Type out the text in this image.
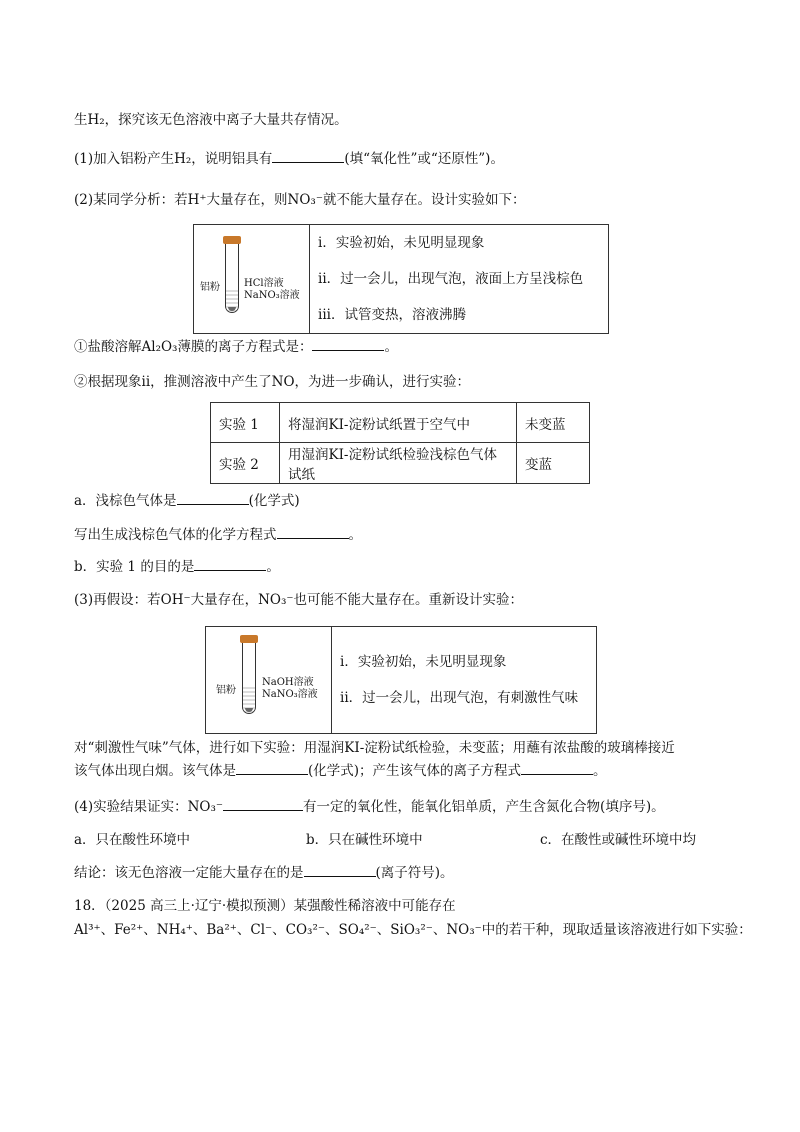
生H₂，探究该无色溶液中离子大量共存情况。
(1)加入铝粉产生H₂，说明铝具有	(填“氧化性”或“还原性”)。
(2)某同学分析：若H⁺大量存在，则NO₃⁻就不能大量存在。设计实验如下：
铝粉 HCl溶液
NaNO₃溶液

i．实验初始，未见明显现象
ii．过一会儿，出现气泡，液面上方呈浅棕色
iii．试管变热，溶液沸腾
①盐酸溶解Al₂O₃薄膜的离子方程式是：	。
②根据现象ii，推测溶液中产生了NO，为进一步确认，进行实验：
实验 1	将湿润KI-淀粉试纸置于空气中	未变蓝
实验 2	用湿润KI-淀粉试纸检验浅棕色气体试纸	变蓝
a．浅棕色气体是	(化学式)
写出生成浅棕色气体的化学方程式	。
b．实验 1 的目的是	。
(3)再假设：若OH⁻大量存在，NO₃⁻也可能不能大量存在。重新设计实验：
铝粉
NaOH溶液
NaNO₃溶液

i．实验初始，未见明显现象
ii．过一会儿，出现气泡，有刺激性气味
对“刺激性气味”气体，进行如下实验：用湿润KI-淀粉试纸检验，未变蓝；用蘸有浓盐酸的玻璃棒接近
该气体出现白烟。该气体是	(化学式)；产生该气体的离子方程式	。
(4)实验结果证实：NO₃⁻	有一定的氧化性，能氧化铝单质，产生含氮化合物(填序号)。
a．只在酸性环境中	b．只在碱性环境中	c．在酸性或碱性环境中均
结论：该无色溶液一定能大量存在的是	(离子符号)。
18．（2025 高三上·辽宁·模拟预测）某强酸性稀溶液中可能存在
Al³⁺、Fe²⁺、NH₄⁺、Ba²⁺、Cl⁻、CO₃²⁻、SO₄²⁻、SiO₃²⁻、NO₃⁻中的若干种，现取适量该溶液进行如下实验：
